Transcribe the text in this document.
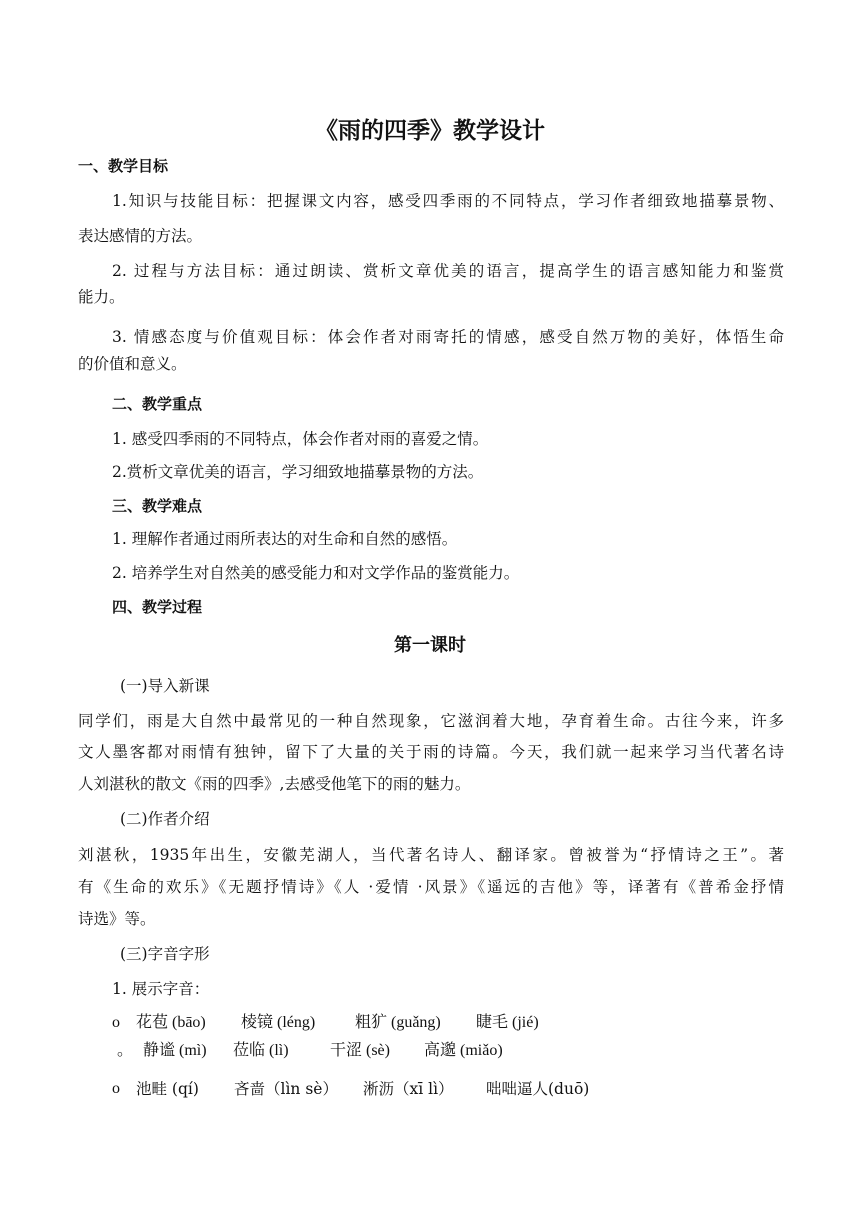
《雨的四季》教学设计
一、教学目标
1.知识与技能目标：把握课文内容，感受四季雨的不同特点，学习作者细致地描摹景物、
表达感情的方法。
2. 过程与方法目标：通过朗读、赏析文章优美的语言，提高学生的语言感知能力和鉴赏
能力。
3. 情感态度与价值观目标：体会作者对雨寄托的情感，感受自然万物的美好，体悟生命
的价值和意义。
二、教学重点
1. 感受四季雨的不同特点，体会作者对雨的喜爱之情。
2.赏析文章优美的语言，学习细致地描摹景物的方法。
三、教学难点
1. 理解作者通过雨所表达的对生命和自然的感悟。
2. 培养学生对自然美的感受能力和对文学作品的鉴赏能力。
四、教学过程
第一课时
(一)导入新课
同学们，雨是大自然中最常见的一种自然现象，它滋润着大地，孕育着生命。古往今来，许多
文人墨客都对雨情有独钟，留下了大量的关于雨的诗篇。今天，我们就一起来学习当代著名诗
人刘湛秋的散文《雨的四季》,去感受他笔下的雨的魅力。
(二)作者介绍
刘湛秋，1935年出生，安徽芜湖人，当代著名诗人、翻译家。曾被誉为“抒情诗之王”。著
有《生命的欢乐》《无题抒情诗》《人 ·爱情 ·风景》《遥远的吉他》等，译著有《普希金抒情
诗选》等。
(三)字音字形
1. 展示字音：
o 花苞 (bāo) 棱镜 (léng) 粗犷 (guǎng) 睫毛 (jié)
。 静谧 (mì) 莅临 (lì)	干涩 (sè) 高邈 (miǎo)
o 池畦 (qí) 吝啬（lìn sè） 淅沥（xī lì） 咄咄逼人(duō)
